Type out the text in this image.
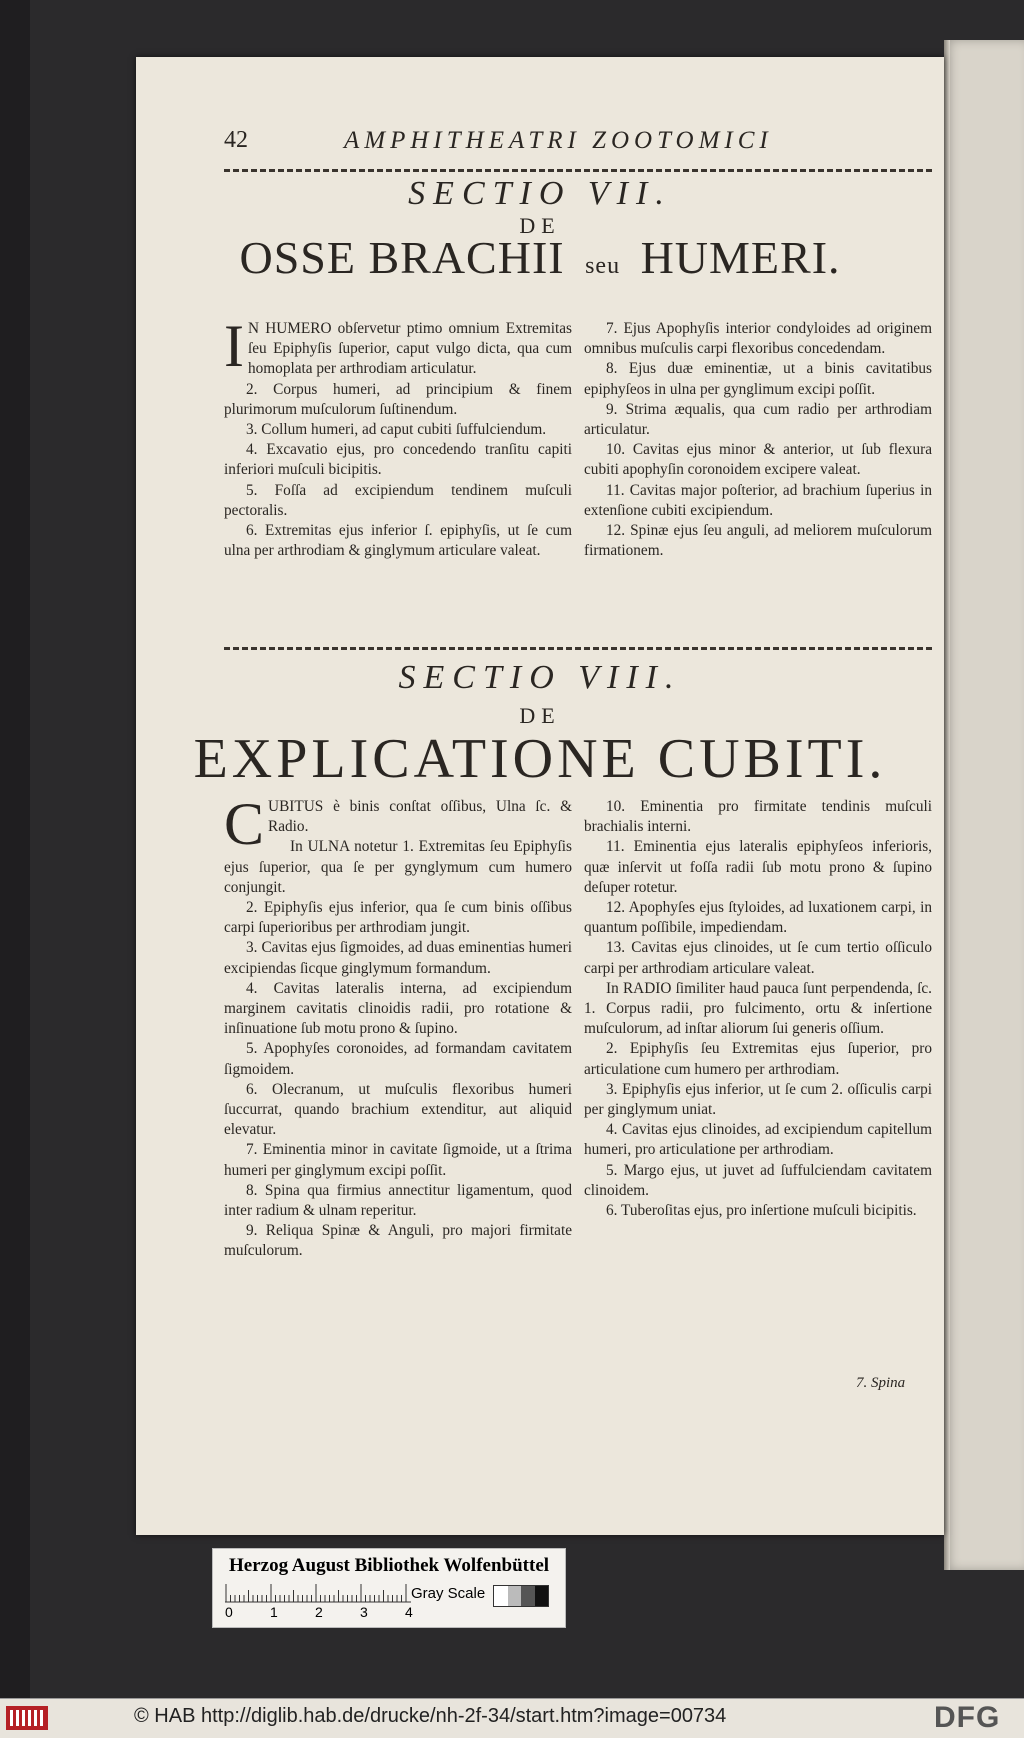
42	AMPHITHEATRI ZOOTOMICI
SECTIO VII.
DE
OSSE BRACHII seu HUMERI.

I N HUMERO obſervetur ptimo omnium Extremitas ſeu Epiphyſis ſuperior, caput vulgo dicta, qua cum homoplata per arthrodiam articulatur.

2. Corpus humeri, ad principium & finem plurimorum muſculorum ſuſtinendum.

3. Collum humeri, ad caput cubiti ſuffulciendum.

4. Excavatio ejus, pro concedendo tranſitu capiti inferiori muſculi bicipitis.

5. Foſſa ad excipiendum tendinem muſculi pectoralis.

6. Extremitas ejus inferior ſ. epiphyſis, ut ſe cum ulna per arthrodiam & ginglymum articulare valeat.

7. Ejus Apophyſis interior condyloides ad originem omnibus muſculis carpi flexoribus concedendam.

8. Ejus duæ eminentiæ, ut a binis cavitatibus epiphyſeos in ulna per gynglimum excipi poſſit.

9. Strima æqualis, qua cum radio per arthrodiam articulatur.

10. Cavitas ejus minor & anterior, ut ſub flexura cubiti apophyſin coronoidem excipere valeat.

11. Cavitas major poſterior, ad brachium ſuperius in extenſione cubiti excipiendum.

12. Spinæ ejus ſeu anguli, ad meliorem muſculorum firmationem.

SECTIO VIII.
DE
EXPLICATIONE CUBITI.

CUBITUS è binis conſtat oſſibus, Ulna ſc. & Radio.

In ULNA notetur 1. Extremitas ſeu Epiphyſis ejus ſuperior, qua ſe per gynglymum cum humero conjungit.

2. Epiphyſis ejus inferior, qua ſe cum binis oſſibus carpi ſuperioribus per arthrodiam jungit.

3. Cavitas ejus ſigmoides, ad duas eminentias humeri excipiendas ſicque ginglymum formandum.

4. Cavitas lateralis interna, ad excipiendum marginem cavitatis clinoidis radii, pro rotatione & inſinuatione ſub motu prono & ſupino.

5. Apophyſes coronoides, ad formandam cavitatem ſigmoidem.

6. Olecranum, ut muſculis flexoribus humeri ſuccurrat, quando brachium extenditur, aut aliquid elevatur.

7. Eminentia minor in cavitate ſigmoide, ut a ſtrima humeri per ginglymum excipi poſſit.

8. Spina qua firmius annectitur ligamentum, quod inter radium & ulnam reperitur.

9. Reliqua Spinæ & Anguli, pro majori firmitate muſculorum.

10. Eminentia pro firmitate tendinis muſculi brachialis interni.

11. Eminentia ejus lateralis epiphyſeos inferioris, quæ inſervit ut foſſa radii ſub motu prono & ſupino deſuper rotetur.

12. Apophyſes ejus ſtyloides, ad luxationem carpi, in quantum poſſibile, impediendam.

13. Cavitas ejus clinoides, ut ſe cum tertio oſſiculo carpi per arthrodiam articulare valeat.

In RADIO ſimiliter haud pauca ſunt perpendenda, ſc. 1. Corpus radii, pro fulcimento, ortu & inſertione muſculorum, ad inſtar aliorum ſui generis oſſium.

2. Epiphyſis ſeu Extremitas ejus ſuperior, pro articulatione cum humero per arthrodiam.

3. Epiphyſis ejus inferior, ut ſe cum 2. oſſiculis carpi per ginglymum uniat.

4. Cavitas ejus clinoides, ad excipiendum capitellum humeri, pro articulatione per arthrodiam.

5. Margo ejus, ut juvet ad ſuffulciendam cavitatem clinoidem.

6. Tuberoſitas ejus, pro inſertione muſculi bicipitis.

7. Spina
Herzog August Bibliothek Wolfenbüttel
0	1	2	3	4
Gray Scale
© HAB http://diglib.hab.de/drucke/nh-2f-34/start.htm?image=00734	DFG
